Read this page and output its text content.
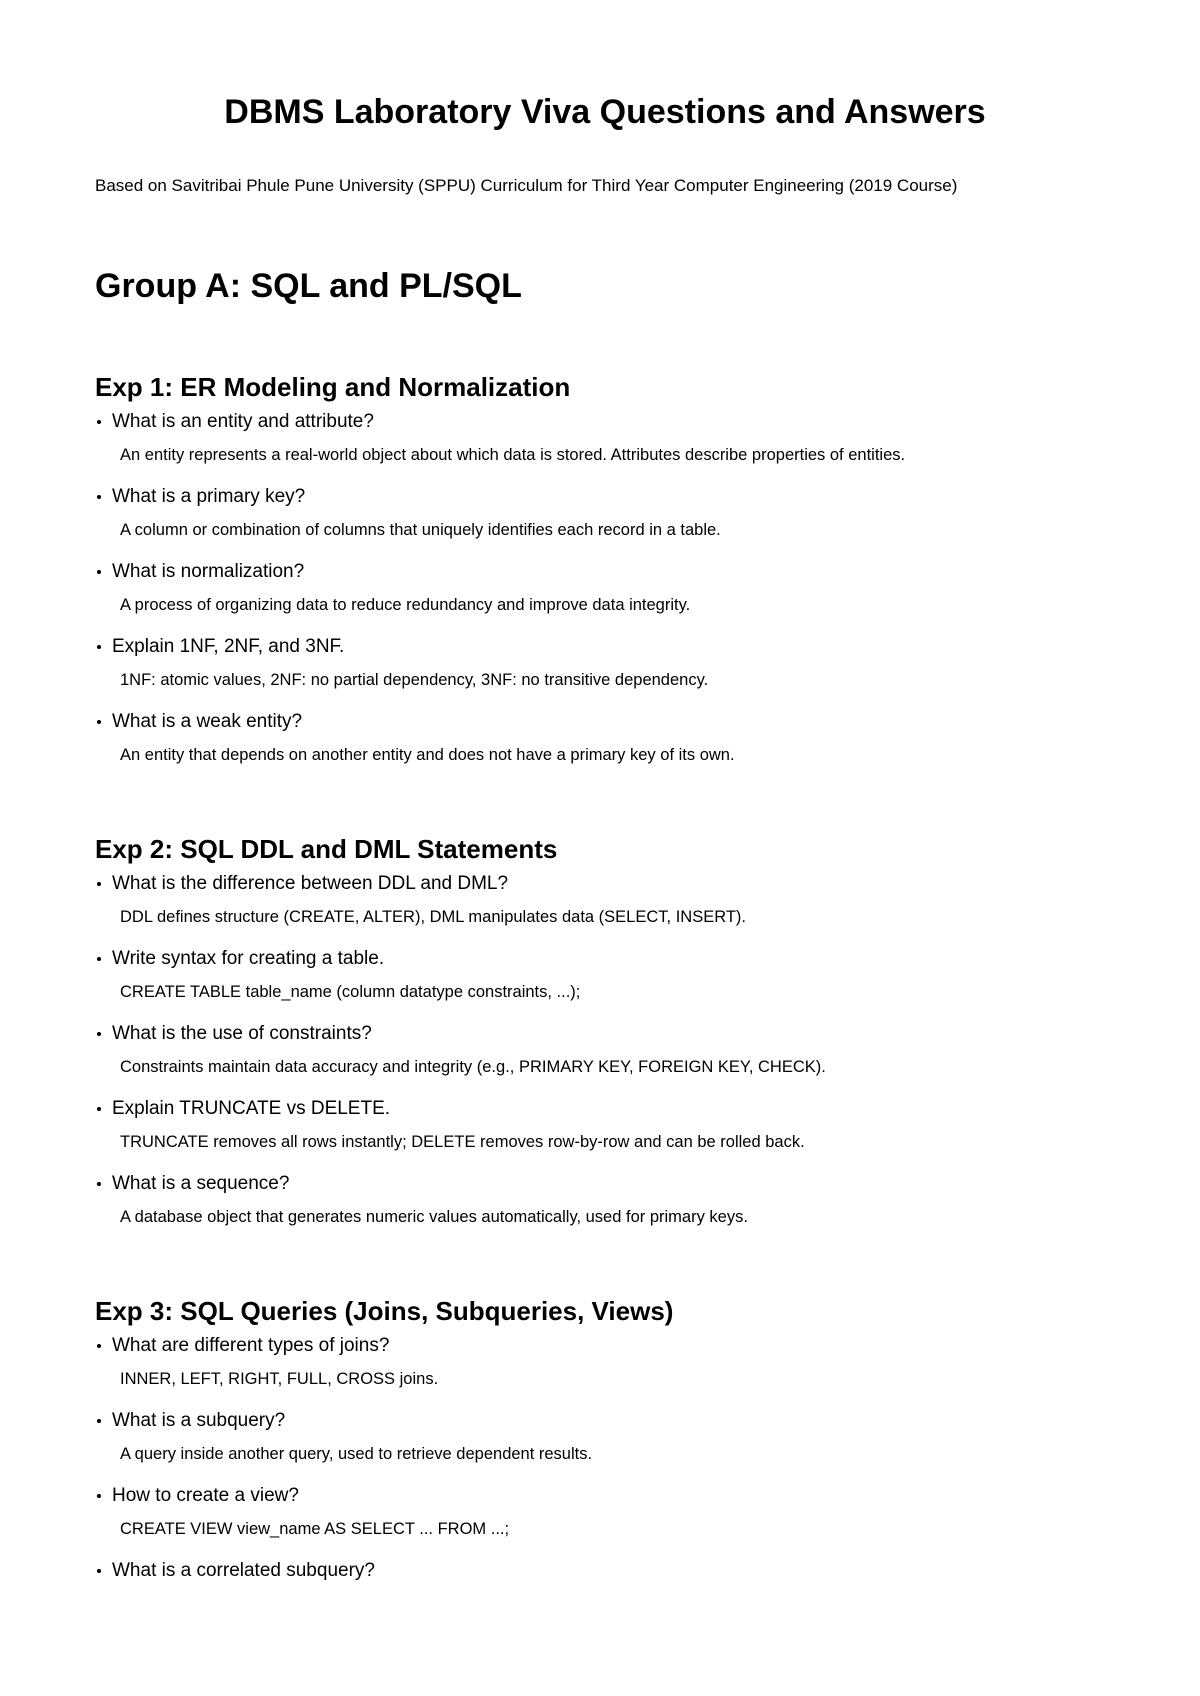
DBMS Laboratory Viva Questions and Answers

Based on Savitribai Phule Pune University (SPPU) Curriculum for Third Year Computer Engineering (2019 Course)

Group A: SQL and PL/SQL
Exp 1: ER Modeling and Normalization
What is an entity and attribute?
An entity represents a real-world object about which data is stored. Attributes describe properties of entities.
What is a primary key?
A column or combination of columns that uniquely identifies each record in a table.
What is normalization?
A process of organizing data to reduce redundancy and improve data integrity.
Explain 1NF, 2NF, and 3NF.
1NF: atomic values, 2NF: no partial dependency, 3NF: no transitive dependency.
What is a weak entity?
An entity that depends on another entity and does not have a primary key of its own.
Exp 2: SQL DDL and DML Statements
What is the difference between DDL and DML?
DDL defines structure (CREATE, ALTER), DML manipulates data (SELECT, INSERT).
Write syntax for creating a table.
CREATE TABLE table_name (column datatype constraints, ...);
What is the use of constraints?
Constraints maintain data accuracy and integrity (e.g., PRIMARY KEY, FOREIGN KEY, CHECK).
Explain TRUNCATE vs DELETE.
TRUNCATE removes all rows instantly; DELETE removes row-by-row and can be rolled back.
What is a sequence?
A database object that generates numeric values automatically, used for primary keys.
Exp 3: SQL Queries (Joins, Subqueries, Views)
What are different types of joins?
INNER, LEFT, RIGHT, FULL, CROSS joins.
What is a subquery?
A query inside another query, used to retrieve dependent results.
How to create a view?
CREATE VIEW view_name AS SELECT ... FROM ...;
What is a correlated subquery?
